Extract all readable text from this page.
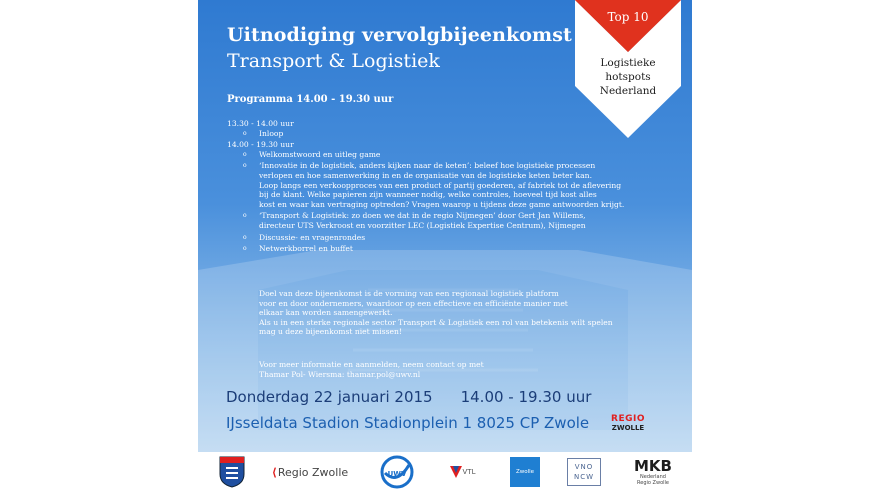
Uitnodiging vervolgbijeenkomst
Transport & Logistiek
Top 10
Logistieke
hotspots
Nederland
Programma 14.00 - 19.30 uur
13.30 - 14.00 uur
o Inloop
14.00 - 19.30 uur
o Welkomstwoord en uitleg game
o ‘Innovatie in de logistiek, anders kijken naar de keten’: beleef hoe logistieke processen
verlopen en hoe samenwerking in en de organisatie van de logistieke keten beter kan.
Loop langs een verkoopproces van een product of partij goederen, af fabriek tot de aflevering
bij de klant. Welke papieren zijn wanneer nodig, welke controles, hoeveel tijd kost alles
kost en waar kan vertraging optreden? Vragen waarop u tijdens deze game antwoorden krijgt.
o ‘Transport & Logistiek: zo doen we dat in de regio Nijmegen’ door Gert Jan Willems,
directeur UTS Verkroost en voorzitter LEC (Logistiek Expertise Centrum), Nijmegen
o Discussie- en vragenrondes
o Netwerkborrel en buffet

Doel van deze bijeenkomst is de vorming van een regionaal logistiek platform
voor en door ondernemers, waardoor op een effectieve en efficiënte manier met
elkaar kan worden samengewerkt.
Als u in een sterke regionale sector Transport & Logistiek een rol van betekenis wilt spelen
mag u deze bijeenkomst niet missen!

Voor meer informatie en aanmelden, neem contact op met
Thamar Pol- Wiersma: thamar.pol@uwv.nl

Donderdag 22 januari 2015 14.00 - 19.30 uur
IJsseldata Stadion Stadionplein 1 8025 CP Zwole	REGIO
ZWOLLE
⟨ Regio Zwolle	UWV	VTL	Zwolle
VNO
NCW
MKB
Nederland
Regio Zwolle
